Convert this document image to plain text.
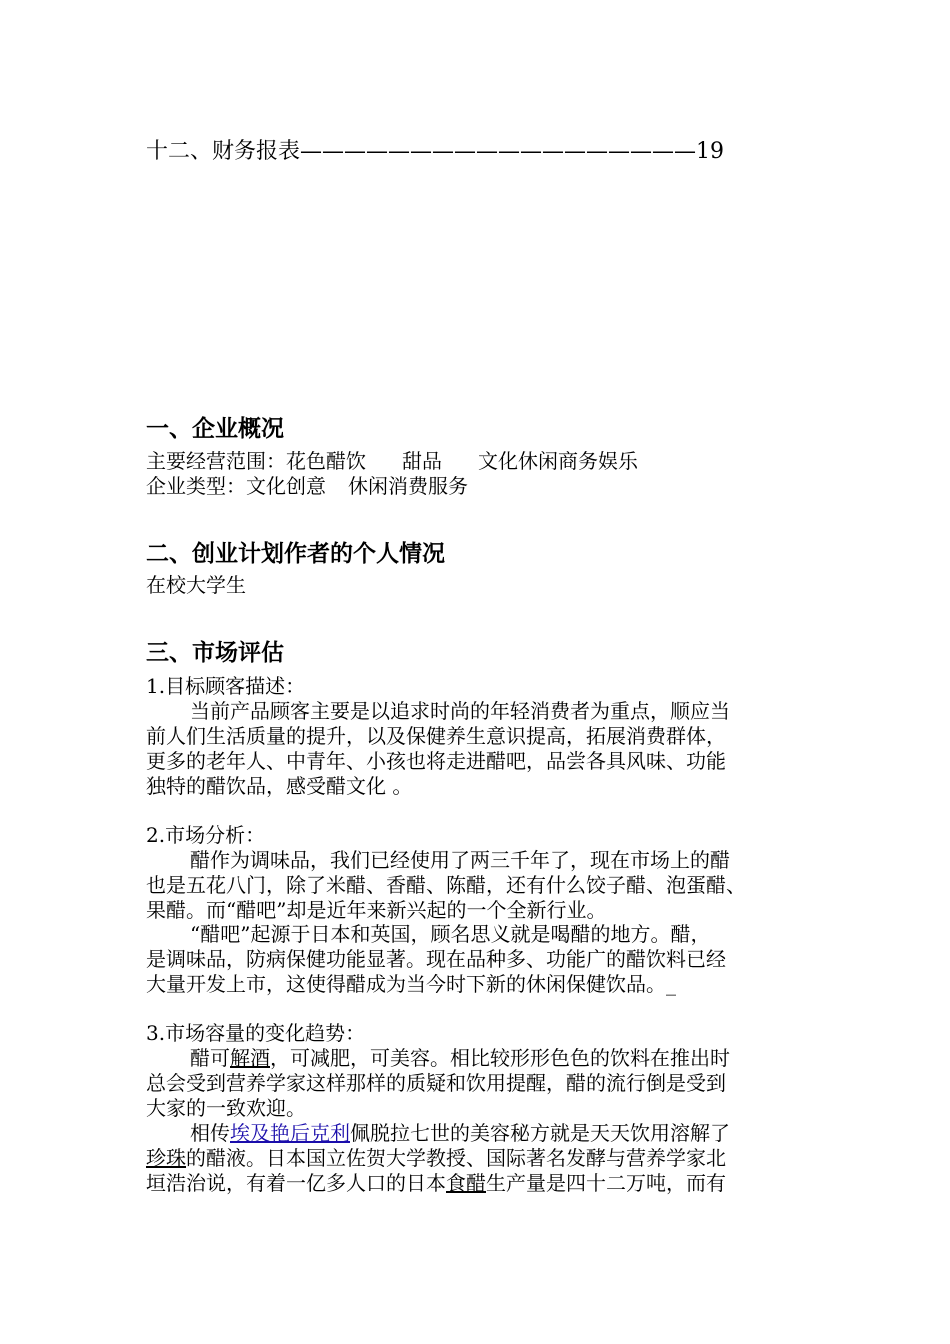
十二、财务报表——————————————————19
一、企业概况
主要经营范围：花色醋饮 甜品 文化休闲商务娱乐
企业类型：文化创意 休闲消费服务
二、创业计划作者的个人情况
在校大学生
三、市场评估
1.目标顾客描述：
当前产品顾客主要是以追求时尚的年轻消费者为重点，顺应当
前人们生活质量的提升，以及保健养生意识提高，拓展消费群体，
更多的老年人、中青年、小孩也将走进醋吧，品尝各具风味、功能
独特的醋饮品，感受醋文化 。
2.市场分析：
醋作为调味品，我们已经使用了两三千年了，现在市场上的醋
也是五花八门，除了米醋、香醋、陈醋，还有什么饺子醋、泡蛋醋、
果醋。而“醋吧”却是近年来新兴起的一个全新行业。
“醋吧”起源于日本和英国，顾名思义就是喝醋的地方。醋，
是调味品，防病保健功能显著。现在品种多、功能广的醋饮料已经
大量开发上市，这使得醋成为当今时下新的休闲保健饮品。_
3.市场容量的变化趋势：
醋可解酒，可减肥，可美容。相比较形形色色的饮料在推出时
总会受到营养学家这样那样的质疑和饮用提醒，醋的流行倒是受到
大家的一致欢迎。
相传埃及艳后克利佩脱拉七世的美容秘方就是天天饮用溶解了
珍珠的醋液。日本国立佐贺大学教授、国际著名发酵与营养学家北
垣浩治说，有着一亿多人口的日本食醋生产量是四十二万吨，而有
